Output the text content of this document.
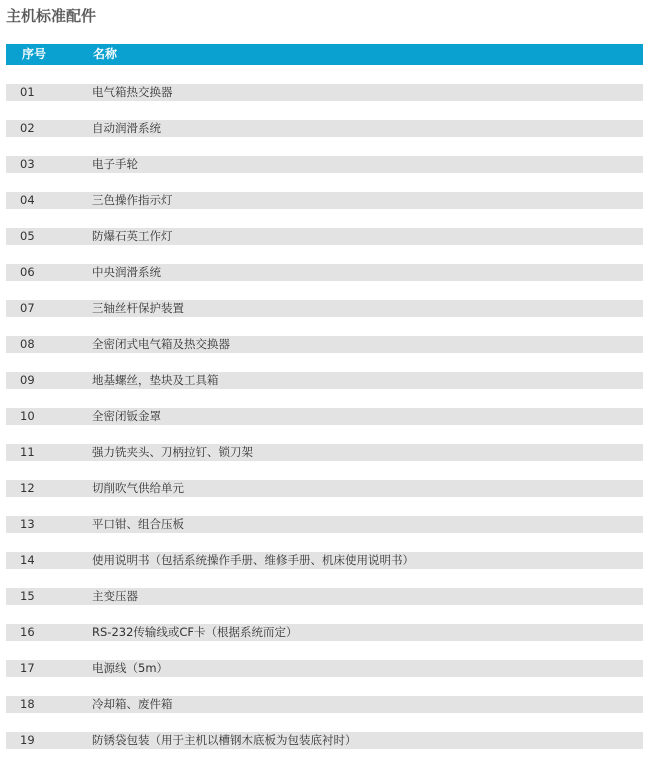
主机标准配件
序号	名称
01	电气箱热交换器
02	自动润滑系统
03	电子手轮
04	三色操作指示灯
05	防爆石英工作灯
06	中央润滑系统
07	三轴丝杆保护装置
08	全密闭式电气箱及热交换器
09	地基螺丝，垫块及工具箱
10	全密闭钣金罩
11	强力铣夹头、刀柄拉钉、锁刀架
12	切削吹气供给单元
13	平口钳、组合压板
14	使用说明书（包括系统操作手册、维修手册、机床使用说明书）
15	主变压器
16	RS-232传输线或CF卡（根据系统而定）
17	电源线（5m）
18	冷却箱、废件箱
19	防锈袋包装（用于主机以槽钢木底板为包装底衬时）
